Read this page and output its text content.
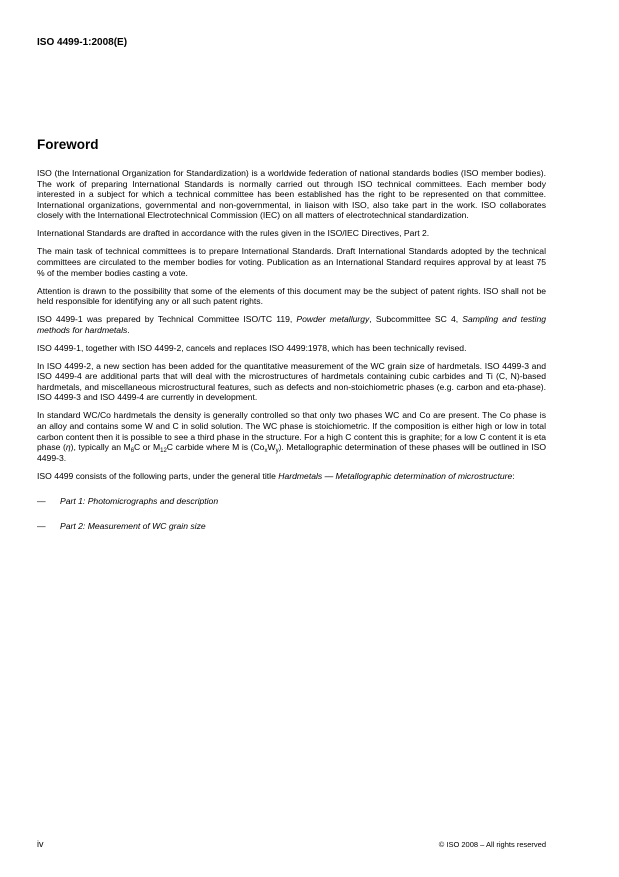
ISO 4499-1:2008(E)
Foreword

ISO (the International Organization for Standardization) is a worldwide federation of national standards bodies (ISO member bodies). The work of preparing International Standards is normally carried out through ISO technical committees. Each member body interested in a subject for which a technical committee has been established has the right to be represented on that committee. International organizations, governmental and non-governmental, in liaison with ISO, also take part in the work. ISO collaborates closely with the International Electrotechnical Commission (IEC) on all matters of electrotechnical standardization.

International Standards are drafted in accordance with the rules given in the ISO/IEC Directives, Part 2.

The main task of technical committees is to prepare International Standards. Draft International Standards adopted by the technical committees are circulated to the member bodies for voting. Publication as an International Standard requires approval by at least 75 % of the member bodies casting a vote.

Attention is drawn to the possibility that some of the elements of this document may be the subject of patent rights. ISO shall not be held responsible for identifying any or all such patent rights.

ISO 4499-1 was prepared by Technical Committee ISO/TC 119, Powder metallurgy, Subcommittee SC 4, Sampling and testing methods for hardmetals.

ISO 4499-1, together with ISO 4499-2, cancels and replaces ISO 4499:1978, which has been technically revised.

In ISO 4499-2, a new section has been added for the quantitative measurement of the WC grain size of hardmetals. ISO 4499-3 and ISO 4499-4 are additional parts that will deal with the microstructures of hardmetals containing cubic carbides and Ti (C, N)-based hardmetals, and miscellaneous microstructural features, such as defects and non-stoichiometric phases (e.g. carbon and eta-phase). ISO 4499-3 and ISO 4499-4 are currently in development.

In standard WC/Co hardmetals the density is generally controlled so that only two phases WC and Co are present. The Co phase is an alloy and contains some W and C in solid solution. The WC phase is stoichiometric. If the composition is either high or low in total carbon content then it is possible to see a third phase in the structure. For a high C content this is graphite; for a low C content it is eta phase (η), typically an $M_6C$ or $M_{12}C$ carbide where M is $(Co_xW_y)$. Metallographic determination of these phases will be outlined in ISO 4499-3.

ISO 4499 consists of the following parts, under the general title Hardmetals — Metallographic determination of microstructure:

—	Part 1: Photomicrographs and description
—	Part 2: Measurement of WC grain size
iv	© ISO 2008 – All rights reserved
